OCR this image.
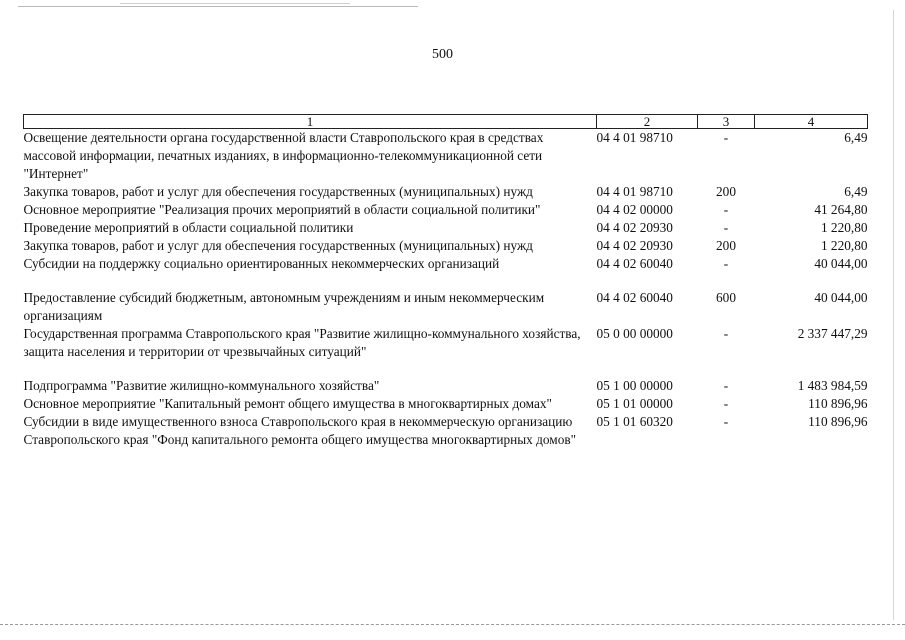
500
1	2	3	4
Освещение деятельности органа государственной власти Ставропольского края в средствах массовой информации, печатных изданиях, в информационно-телекоммуникационной сети "Интернет"	04 4 01 98710	-	6,49
Закупка товаров, работ и услуг для обеспечения государственных (муниципальных) нужд	04 4 01 98710	200	6,49
Основное мероприятие "Реализация прочих мероприятий в области социальной политики"	04 4 02 00000	-	41 264,80
Проведение мероприятий в области социальной политики	04 4 02 20930	-	1 220,80
Закупка товаров, работ и услуг для обеспечения государственных (муниципальных) нужд	04 4 02 20930	200	1 220,80
Субсидии на поддержку социально ориентированных некоммерческих организаций	04 4 02 60040	-	40 044,00
Предоставление субсидий бюджетным, автономным учреждениям и иным некоммерческим организациям	04 4 02 60040	600	40 044,00
Государственная программа Ставропольского края "Развитие жилищно-коммунального хозяйства, защита населения и территории от чрезвычайных ситуаций"	05 0 00 00000	-	2 337 447,29
Подпрограмма "Развитие жилищно-коммунального хозяйства"	05 1 00 00000	-	1 483 984,59
Основное мероприятие "Капитальный ремонт общего имущества в многоквартирных домах"	05 1 01 00000	-	110 896,96
Субсидии в виде имущественного взноса Ставропольского края в некоммерческую организацию Ставропольского края "Фонд капитального ремонта общего имущества многоквартирных домов"	05 1 01 60320	-	110 896,96
